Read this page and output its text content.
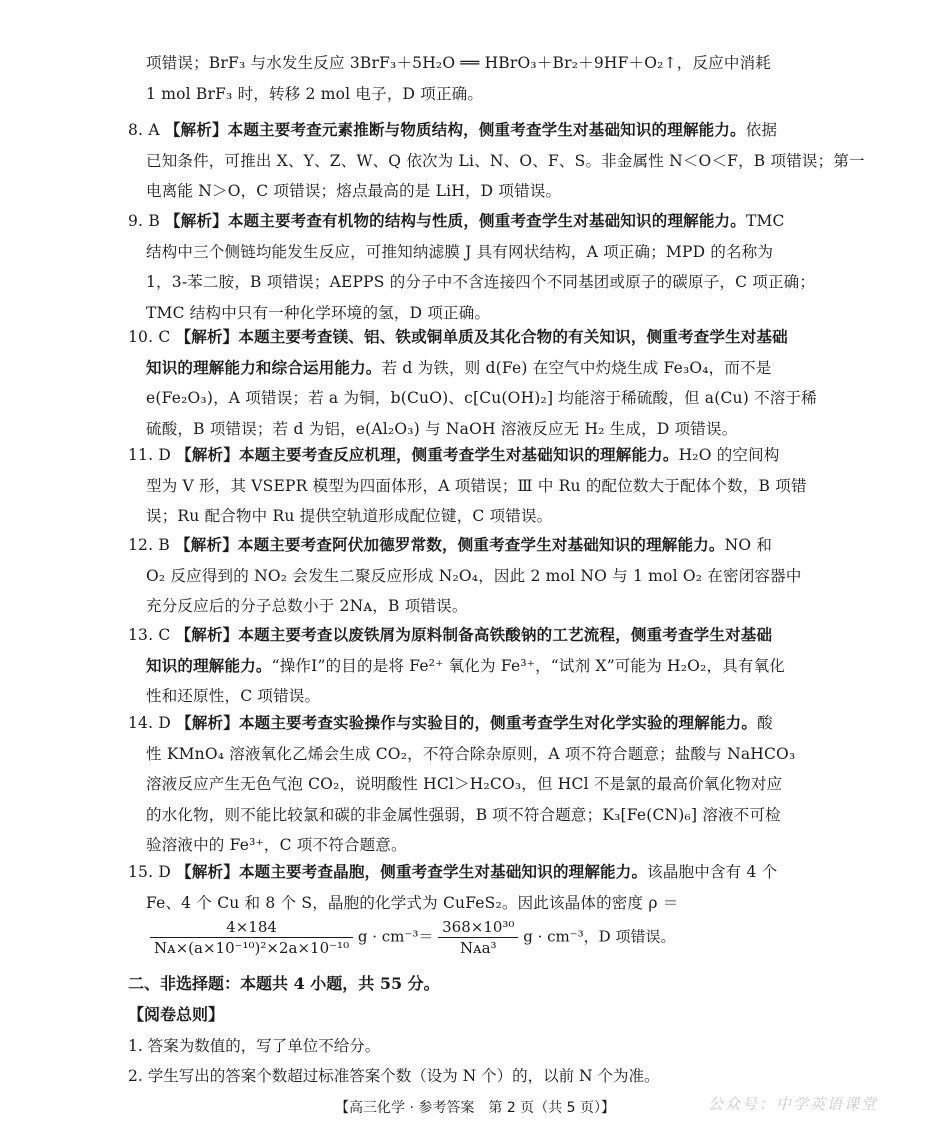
项错误；BrF₃ 与水发生反应 3BrF₃＋5H₂O ══ HBrO₃＋Br₂＋9HF＋O₂↑，反应中消耗
1 mol BrF₃ 时，转移 2 mol 电子，D 项正确。
8. A 【解析】本题主要考查元素推断与物质结构，侧重考查学生对基础知识的理解能力。依据
已知条件，可推出 X、Y、Z、W、Q 依次为 Li、N、O、F、S。非金属性 N＜O＜F，B 项错误；第一
电离能 N＞O，C 项错误；熔点最高的是 LiH，D 项错误。
9. B 【解析】本题主要考查有机物的结构与性质，侧重考查学生对基础知识的理解能力。TMC
结构中三个侧链均能发生反应，可推知纳滤膜 J 具有网状结构，A 项正确；MPD 的名称为
1，3-苯二胺，B 项错误；AEPPS 的分子中不含连接四个不同基团或原子的碳原子，C 项正确；
TMC 结构中只有一种化学环境的氢，D 项正确。
10. C 【解析】本题主要考查镁、铝、铁或铜单质及其化合物的有关知识，侧重考查学生对基础
知识的理解能力和综合运用能力。若 d 为铁，则 d(Fe) 在空气中灼烧生成 Fe₃O₄，而不是
e(Fe₂O₃)，A 项错误；若 a 为铜，b(CuO)、c[Cu(OH)₂] 均能溶于稀硫酸，但 a(Cu) 不溶于稀
硫酸，B 项错误；若 d 为铝，e(Al₂O₃) 与 NaOH 溶液反应无 H₂ 生成，D 项错误。
11. D 【解析】本题主要考查反应机理，侧重考查学生对基础知识的理解能力。H₂O 的空间构
型为 V 形，其 VSEPR 模型为四面体形，A 项错误；Ⅲ 中 Ru 的配位数大于配体个数，B 项错
误；Ru 配合物中 Ru 提供空轨道形成配位键，C 项错误。
12. B 【解析】本题主要考查阿伏加德罗常数，侧重考查学生对基础知识的理解能力。NO 和
O₂ 反应得到的 NO₂ 会发生二聚反应形成 N₂O₄，因此 2 mol NO 与 1 mol O₂ 在密闭容器中
充分反应后的分子总数小于 2Nᴀ，B 项错误。
13. C 【解析】本题主要考查以废铁屑为原料制备高铁酸钠的工艺流程，侧重考查学生对基础
知识的理解能力。“操作Ⅰ”的目的是将 Fe²⁺ 氧化为 Fe³⁺，“试剂 X”可能为 H₂O₂，具有氧化
性和还原性，C 项错误。
14. D 【解析】本题主要考查实验操作与实验目的，侧重考查学生对化学实验的理解能力。酸
性 KMnO₄ 溶液氧化乙烯会生成 CO₂，不符合除杂原则，A 项不符合题意；盐酸与 NaHCO₃
溶液反应产生无色气泡 CO₂，说明酸性 HCl＞H₂CO₃，但 HCl 不是氯的最高价氧化物对应
的水化物，则不能比较氯和碳的非金属性强弱，B 项不符合题意；K₃[Fe(CN)₆] 溶液不可检
验溶液中的 Fe³⁺，C 项不符合题意。
15. D 【解析】本题主要考查晶胞，侧重考查学生对基础知识的理解能力。该晶胞中含有 4 个
Fe、4 个 Cu 和 8 个 S，晶胞的化学式为 CuFeS₂。因此该晶体的密度 ρ ＝
$\frac{4\times 184}{\text{Nᴀ×(a×10⁻¹⁰)²×2a×10⁻¹⁰}}$ $g \cdot cm^{-3}= \frac{\text{368×10³⁰}}{\text{Nᴀa³}}$ g · cm⁻³，D 项错误。
二、非选择题：本题共 4 小题，共 55 分。
【阅卷总则】
1. 答案为数值的，写了单位不给分。
2. 学生写出的答案个数超过标准答案个数（设为 N 个）的，以前 N 个为准。
【高三化学 · 参考答案　第 2 页（共 5 页）】	公众号：中学英语课堂
